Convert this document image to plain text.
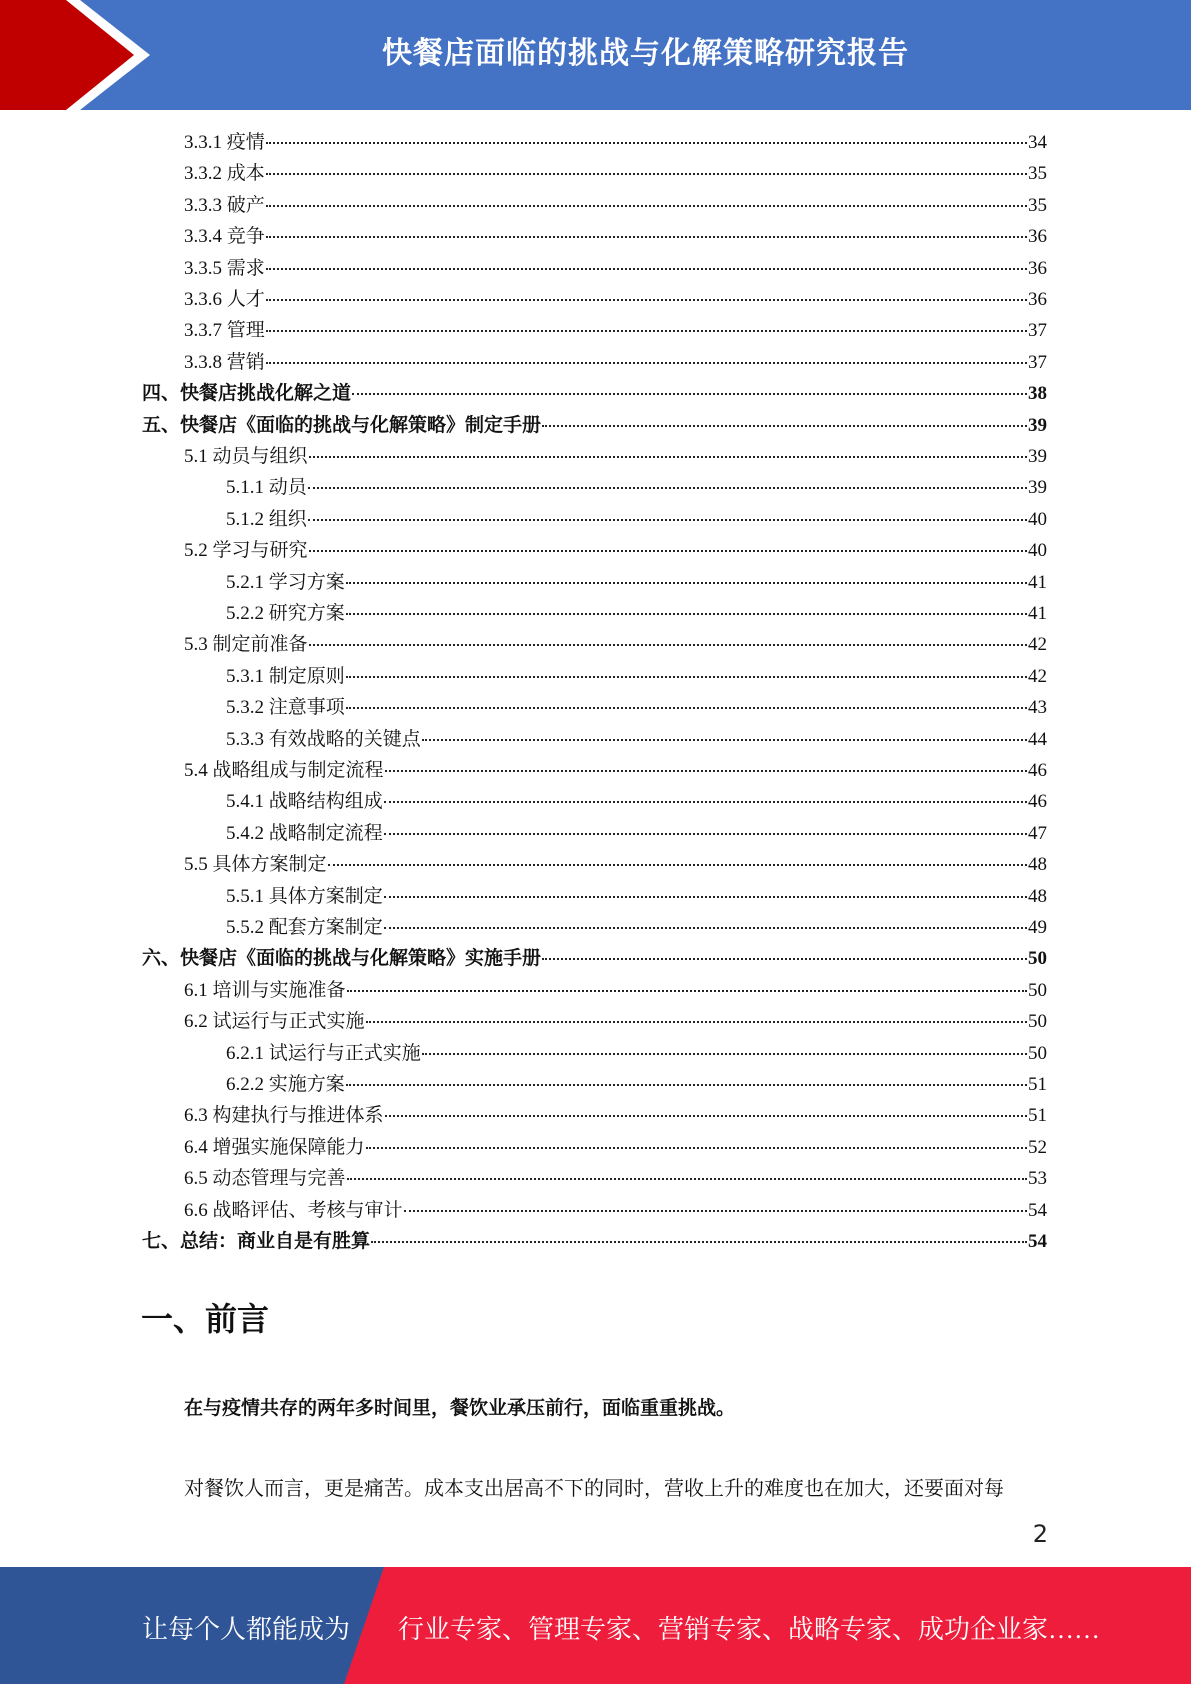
快餐店面临的挑战与化解策略研究报告
3.3.1 疫情	34
3.3.2 成本	35
3.3.3 破产	35
3.3.4 竞争	36
3.3.5 需求	36
3.3.6 人才	36
3.3.7 管理	37
3.3.8 营销	37
四、快餐店挑战化解之道	38
五、快餐店《面临的挑战与化解策略》制定手册	39
5.1 动员与组织	39
5.1.1 动员	39
5.1.2 组织	40
5.2 学习与研究	40
5.2.1 学习方案	41
5.2.2 研究方案	41
5.3 制定前准备	42
5.3.1 制定原则	42
5.3.2 注意事项	43
5.3.3 有效战略的关键点	44
5.4 战略组成与制定流程	46
5.4.1 战略结构组成	46
5.4.2 战略制定流程	47
5.5 具体方案制定	48
5.5.1 具体方案制定	48
5.5.2 配套方案制定	49
六、快餐店《面临的挑战与化解策略》实施手册	50
6.1 培训与实施准备	50
6.2 试运行与正式实施	50
6.2.1 试运行与正式实施	50
6.2.2 实施方案	51
6.3 构建执行与推进体系	51
6.4 增强实施保障能力	52
6.5 动态管理与完善	53
6.6 战略评估、考核与审计	54
七、总结：商业自是有胜算	54
一、前言
在与疫情共存的两年多时间里，餐饮业承压前行，面临重重挑战。
对餐饮人而言，更是痛苦。成本支出居高不下的同时，营收上升的难度也在加大，还要面对每
2
让每个人都能成为 行业专家、管理专家、营销专家、战略专家、成功企业家……
